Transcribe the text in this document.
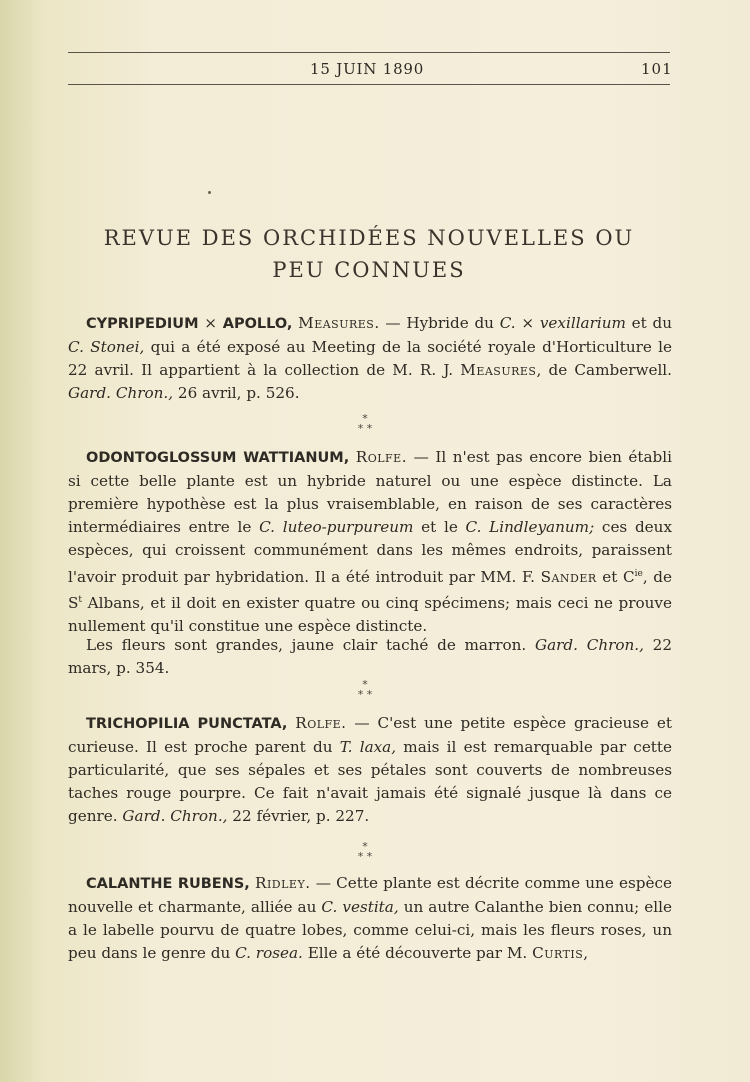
15 JUIN 1890	101
REVUE DES ORCHIDÉES NOUVELLES OU
PEU CONNUES

CYPRIPEDIUM × APOLLO, Measures. — Hybride du C. × vexillarium et du C. Stonei, qui a été exposé au Meeting de la société royale d'Horticulture le 22 avril. Il appartient à la collection de M. R. J. Measures, de Camberwell. Gard. Chron., 26 avril, p. 526.

*
* *

ODONTOGLOSSUM WATTIANUM, Rolfe. — Il n'est pas encore bien établi si cette belle plante est un hybride naturel ou une espèce distincte. La première hypothèse est la plus vraisemblable, en raison de ses caractères intermédiaires entre le C. luteo-purpureum et le C. Lindleyanum; ces deux espèces, qui croissent communément dans les mêmes endroits, paraissent l'avoir produit par hybridation. Il a été introduit par MM. F. Sander et $C^{ie}$, de $S^t$ Albans, et il doit en exister quatre ou cinq spécimens; mais ceci ne prouve nullement qu'il constitue une espèce distincte.

Les fleurs sont grandes, jaune clair taché de marron. Gard. Chron., 22 mars, p. 354.

*
* *

TRICHOPILIA PUNCTATA, Rolfe. — C'est une petite espèce gracieuse et curieuse. Il est proche parent du T. laxa, mais il est remarquable par cette particularité, que ses sépales et ses pétales sont couverts de nombreuses taches rouge pourpre. Ce fait n'avait jamais été signalé jusque là dans ce genre. Gard. Chron., 22 février, p. 227.

*
* *

CALANTHE RUBENS, Ridley. — Cette plante est décrite comme une espèce nouvelle et charmante, alliée au C. vestita, un autre Calanthe bien connu; elle a le labelle pourvu de quatre lobes, comme celui-ci, mais les fleurs roses, un peu dans le genre du C. rosea. Elle a été découverte par M. Curtis,
